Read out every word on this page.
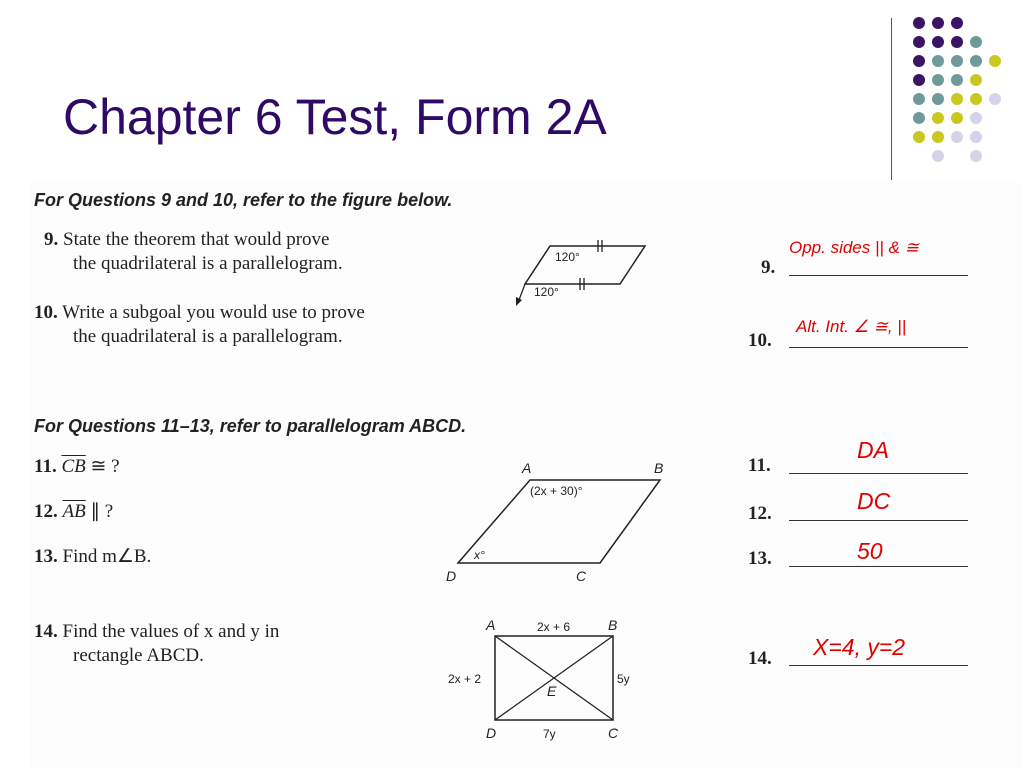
Chapter 6 Test, Form 2A
For Questions 9 and 10, refer to the figure below.
9. State the theorem that would prove
the quadrilateral is a parallelogram.
10. Write a subgoal you would use to prove
the quadrilateral is a parallelogram.
120°
120°
For Questions 11–13, refer to parallelogram ABCD.
11. $\overline{CB}$ ≅ ?
12. $\overline{AB}$ ∥ ?
13. Find m∠B.
A	B
C
D
(2x + 30)°
x°
14. Find the values of x and y in
rectangle ABCD.
A	B
C
D
E
2x + 6
2x + 2	5y
7y
9.
Opp. sides || & ≅
10.
Alt. Int. ∠ ≅, ||
11.
DA
12.	DC
13.	50
14. X=4, y=2
